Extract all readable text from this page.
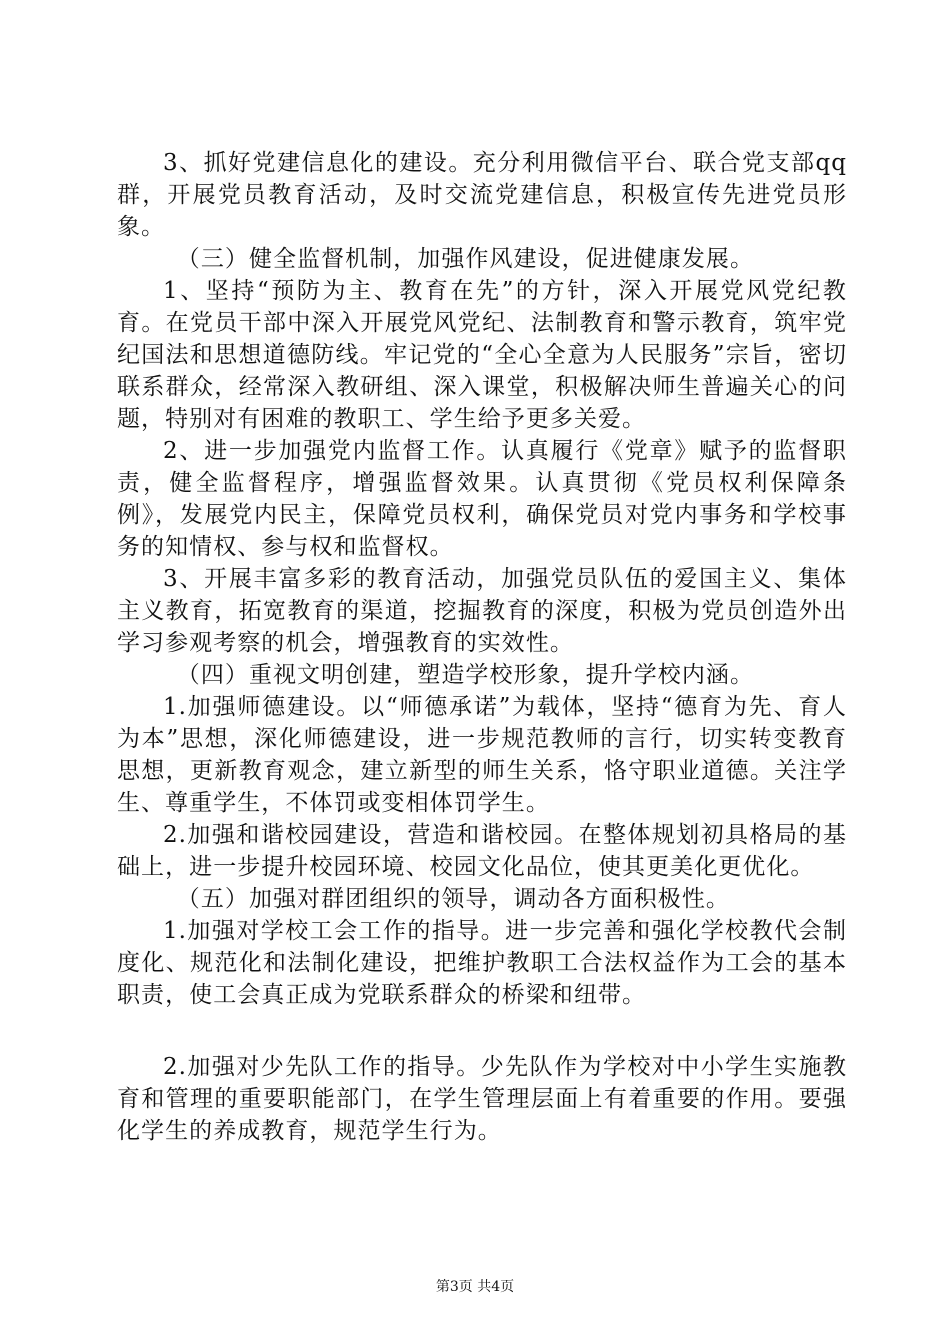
3、抓好党建信息化的建设。充分利用微信平台、联合党支部qq群，开展党员教育活动，及时交流党建信息，积极宣传先进党员形象。

（三）健全监督机制，加强作风建设，促进健康发展。

1、坚持“预防为主、教育在先”的方针，深入开展党风党纪教育。在党员干部中深入开展党风党纪、法制教育和警示教育，筑牢党纪国法和思想道德防线。牢记党的“全心全意为人民服务”宗旨，密切联系群众，经常深入教研组、深入课堂，积极解决师生普遍关心的问题，特别对有困难的教职工、学生给予更多关爱。

2、进一步加强党内监督工作。认真履行《党章》赋予的监督职责，健全监督程序，增强监督效果。认真贯彻《党员权利保障条例》，发展党内民主，保障党员权利，确保党员对党内事务和学校事务的知情权、参与权和监督权。

3、开展丰富多彩的教育活动，加强党员队伍的爱国主义、集体主义教育，拓宽教育的渠道，挖掘教育的深度，积极为党员创造外出学习参观考察的机会，增强教育的实效性。

（四）重视文明创建，塑造学校形象，提升学校内涵。

1.加强师德建设。以“师德承诺”为载体，坚持“德育为先、育人为本”思想，深化师德建设，进一步规范教师的言行，切实转变教育思想，更新教育观念，建立新型的师生关系，恪守职业道德。关注学生、尊重学生，不体罚或变相体罚学生。

2.加强和谐校园建设，营造和谐校园。在整体规划初具格局的基础上，进一步提升校园环境、校园文化品位，使其更美化更优化。

（五）加强对群团组织的领导，调动各方面积极性。

1.加强对学校工会工作的指导。进一步完善和强化学校教代会制度化、规范化和法制化建设，把维护教职工合法权益作为工会的基本职责，使工会真正成为党联系群众的桥梁和纽带。

2.加强对少先队工作的指导。少先队作为学校对中小学生实施教育和管理的重要职能部门，在学生管理层面上有着重要的作用。要强化学生的养成教育，规范学生行为。

第3页 共4页
